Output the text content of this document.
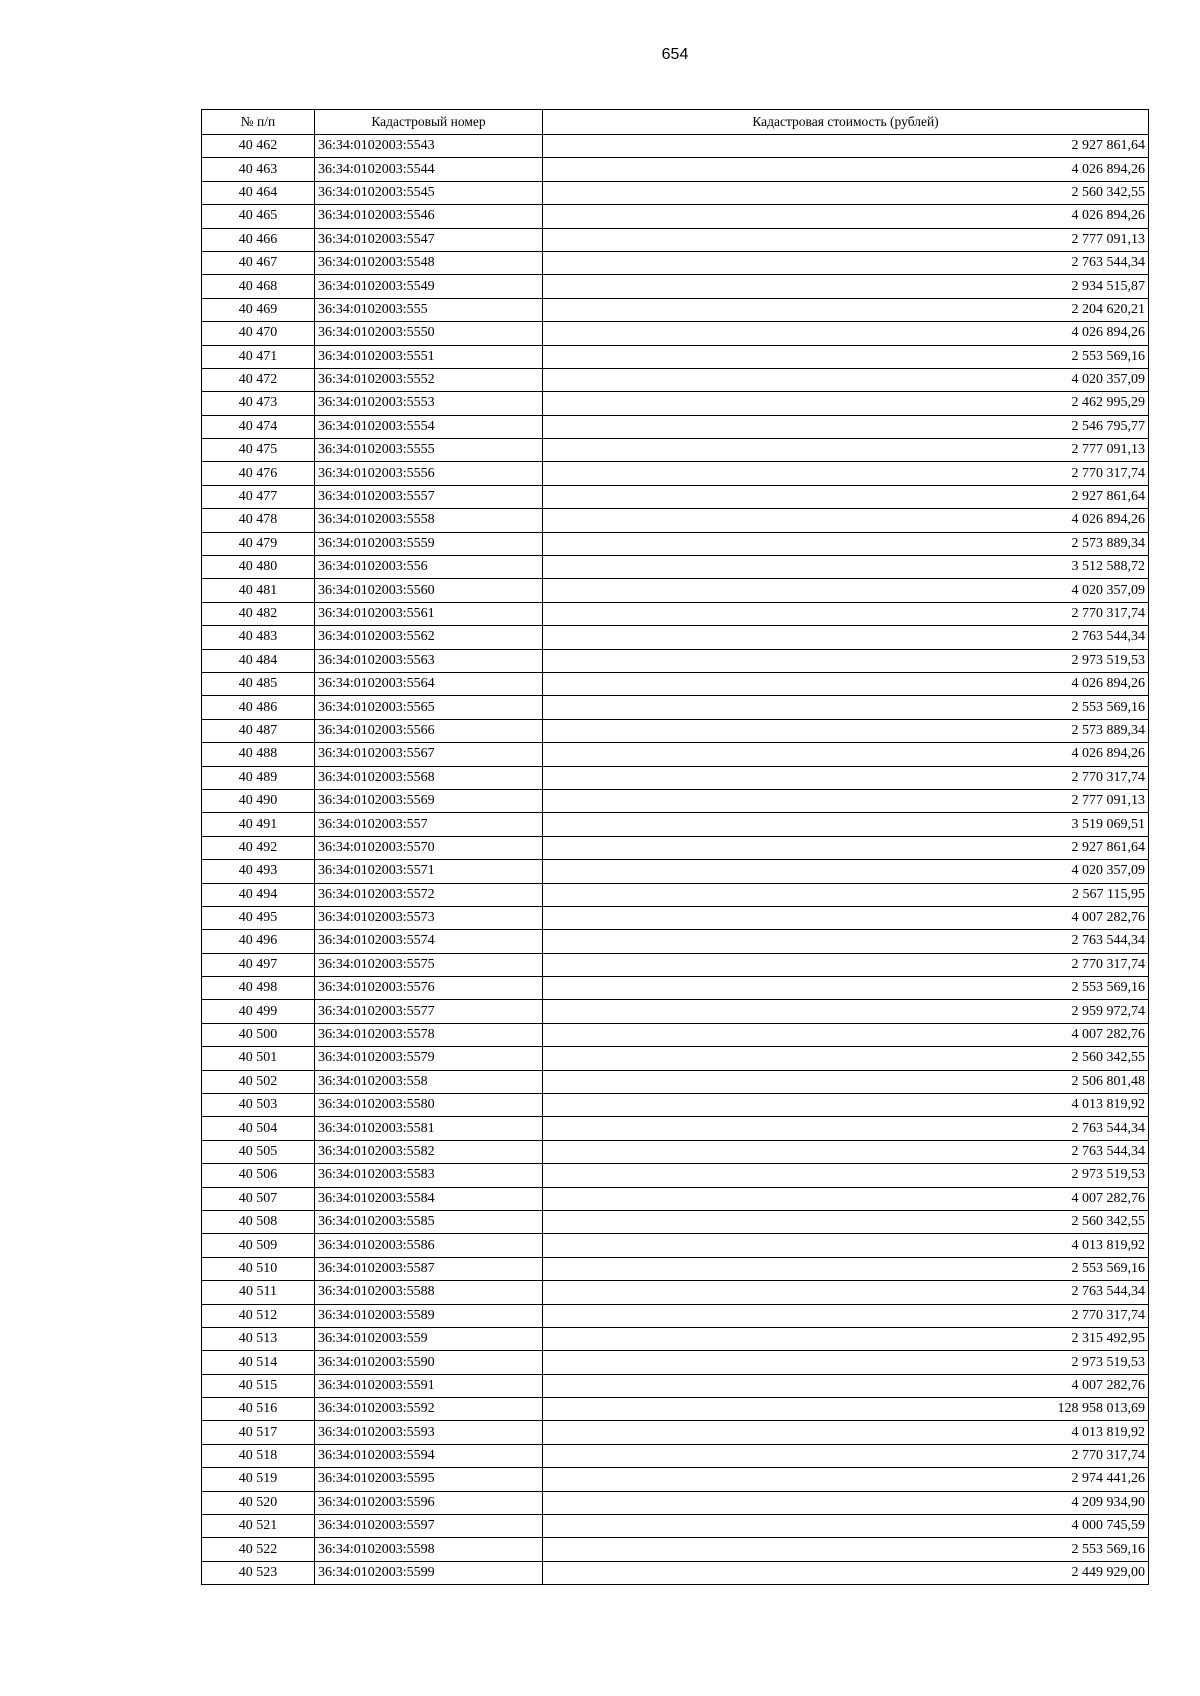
654
№ п/п	Кадастровый номер	Кадастровая стоимость (рублей)
40 462	36:34:0102003:5543	2 927 861,64
40 463	36:34:0102003:5544	4 026 894,26
40 464	36:34:0102003:5545	2 560 342,55
40 465	36:34:0102003:5546	4 026 894,26
40 466	36:34:0102003:5547	2 777 091,13
40 467	36:34:0102003:5548	2 763 544,34
40 468	36:34:0102003:5549	2 934 515,87
40 469	36:34:0102003:555	2 204 620,21
40 470	36:34:0102003:5550	4 026 894,26
40 471	36:34:0102003:5551	2 553 569,16
40 472	36:34:0102003:5552	4 020 357,09
40 473	36:34:0102003:5553	2 462 995,29
40 474	36:34:0102003:5554	2 546 795,77
40 475	36:34:0102003:5555	2 777 091,13
40 476	36:34:0102003:5556	2 770 317,74
40 477	36:34:0102003:5557	2 927 861,64
40 478	36:34:0102003:5558	4 026 894,26
40 479	36:34:0102003:5559	2 573 889,34
40 480	36:34:0102003:556	3 512 588,72
40 481	36:34:0102003:5560	4 020 357,09
40 482	36:34:0102003:5561	2 770 317,74
40 483	36:34:0102003:5562	2 763 544,34
40 484	36:34:0102003:5563	2 973 519,53
40 485	36:34:0102003:5564	4 026 894,26
40 486	36:34:0102003:5565	2 553 569,16
40 487	36:34:0102003:5566	2 573 889,34
40 488	36:34:0102003:5567	4 026 894,26
40 489	36:34:0102003:5568	2 770 317,74
40 490	36:34:0102003:5569	2 777 091,13
40 491	36:34:0102003:557	3 519 069,51
40 492	36:34:0102003:5570	2 927 861,64
40 493	36:34:0102003:5571	4 020 357,09
40 494	36:34:0102003:5572	2 567 115,95
40 495	36:34:0102003:5573	4 007 282,76
40 496	36:34:0102003:5574	2 763 544,34
40 497	36:34:0102003:5575	2 770 317,74
40 498	36:34:0102003:5576	2 553 569,16
40 499	36:34:0102003:5577	2 959 972,74
40 500	36:34:0102003:5578	4 007 282,76
40 501	36:34:0102003:5579	2 560 342,55
40 502	36:34:0102003:558	2 506 801,48
40 503	36:34:0102003:5580	4 013 819,92
40 504	36:34:0102003:5581	2 763 544,34
40 505	36:34:0102003:5582	2 763 544,34
40 506	36:34:0102003:5583	2 973 519,53
40 507	36:34:0102003:5584	4 007 282,76
40 508	36:34:0102003:5585	2 560 342,55
40 509	36:34:0102003:5586	4 013 819,92
40 510	36:34:0102003:5587	2 553 569,16
40 511	36:34:0102003:5588	2 763 544,34
40 512	36:34:0102003:5589	2 770 317,74
40 513	36:34:0102003:559	2 315 492,95
40 514	36:34:0102003:5590	2 973 519,53
40 515	36:34:0102003:5591	4 007 282,76
40 516	36:34:0102003:5592	128 958 013,69
40 517	36:34:0102003:5593	4 013 819,92
40 518	36:34:0102003:5594	2 770 317,74
40 519	36:34:0102003:5595	2 974 441,26
40 520	36:34:0102003:5596	4 209 934,90
40 521	36:34:0102003:5597	4 000 745,59
40 522	36:34:0102003:5598	2 553 569,16
40 523	36:34:0102003:5599	2 449 929,00
